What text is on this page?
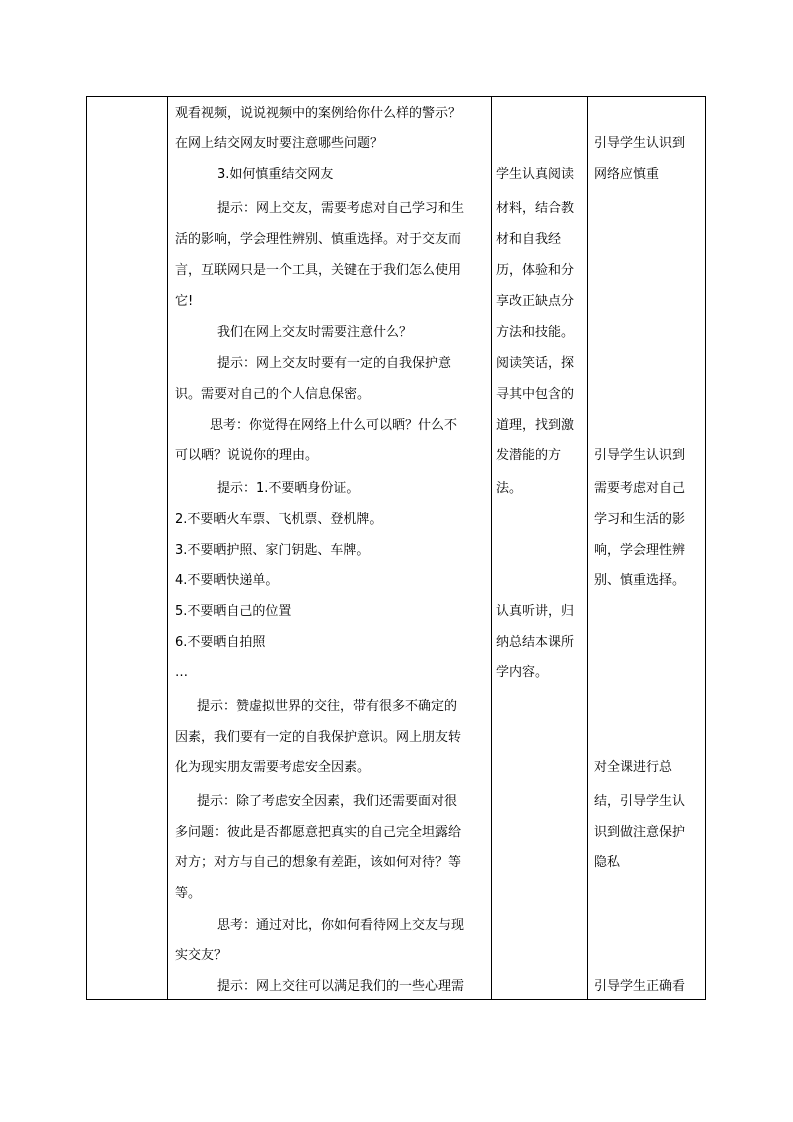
观看视频，说说视频中的案例给你什么样的警示？
在网上结交网友时要注意哪些问题？
3.如何慎重结交网友
提示：网上交友，需要考虑对自己学习和生
活的影响，学会理性辨别、慎重选择。对于交友而
言，互联网只是一个工具，关键在于我们怎么使用
它!
我们在网上交友时需要注意什么？
提示：网上交友时要有一定的自我保护意
识。需要对自己的个人信息保密。
思考：你觉得在网络上什么可以晒？什么不
可以晒？说说你的理由。
提示：1.不要晒身份证。
2.不要晒火车票、飞机票、登机牌。
3.不要晒护照、家门钥匙、车牌。
4.不要晒快递单。
5.不要晒自己的位置
6.不要晒自拍照
…
提示：赞虚拟世界的交往，带有很多不确定的
因素，我们要有一定的自我保护意识。网上朋友转
化为现实朋友需要考虑安全因素。
提示：除了考虑安全因素，我们还需要面对很
多问题：彼此是否都愿意把真实的自己完全坦露给
对方；对方与自己的想象有差距，该如何对待？等
等。
思考：通过对比，你如何看待网上交友与现
实交友？
提示：网上交往可以满足我们的一些心理需
学生认真阅读
材料，结合教
材和自我经
历，体验和分
享改正缺点分
方法和技能。
阅读笑话，探
寻其中包含的
道理，找到激
发潜能的方
法。
认真听讲，归
纳总结本课所
学内容。
引导学生认识到
网络应慎重
引导学生认识到
需要考虑对自己
学习和生活的影
响，学会理性辨
别、慎重选择。
对全课进行总
结，引导学生认
识到做注意保护
隐私
引导学生正确看
